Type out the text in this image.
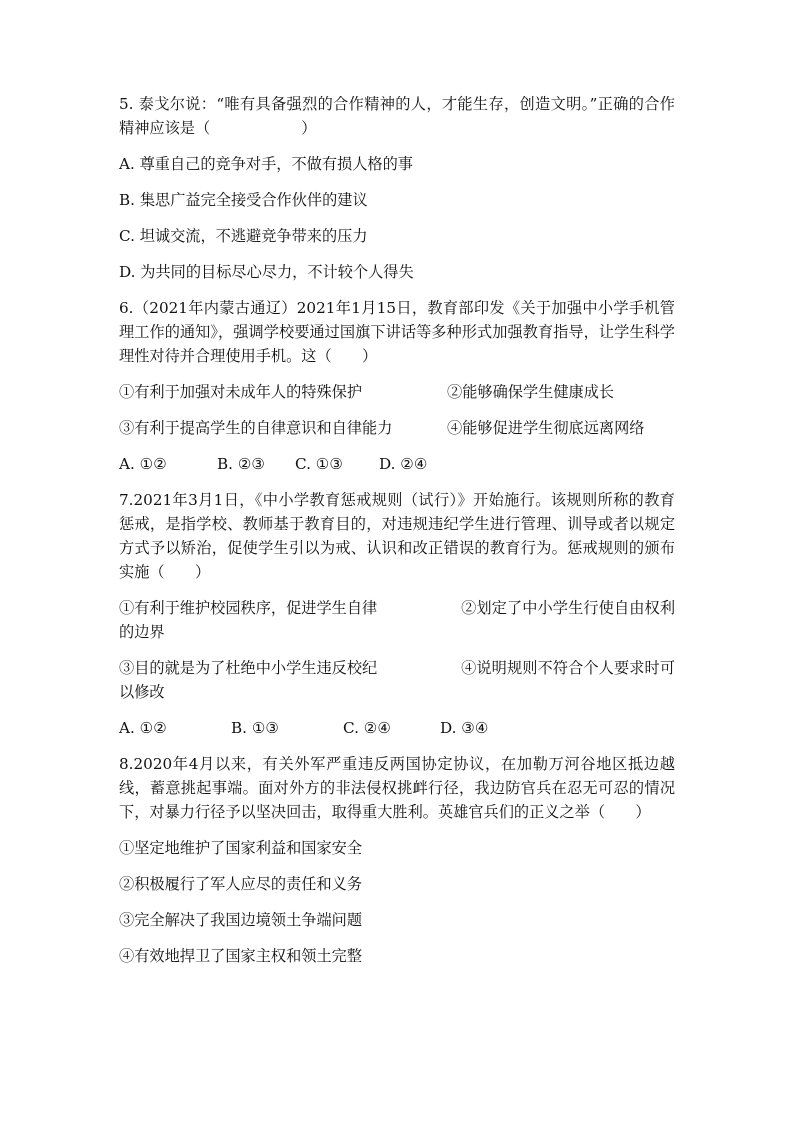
5. 泰戈尔说：“唯有具备强烈的合作精神的人，才能生存，创造文明。”正确的合作精神应该是（　　　　　　）

A. 尊重自己的竞争对手，不做有损人格的事
B. 集思广益完全接受合作伙伴的建议
C. 坦诚交流，不逃避竞争带来的压力
D. 为共同的目标尽心尽力，不计较个人得失

6.（2021年内蒙古通辽）2021年1月15日，教育部印发《关于加强中小学手机管理工作的通知》，强调学校要通过国旗下讲话等多种形式加强教育指导，让学生科学理性对待并合理使用手机。这（　　）

①有利于加强对未成年人的特殊保护	②能够确保学生健康成长
③有利于提高学生的自律意识和自律能力	④能够促进学生彻底远离网络
A. ①②	B. ②③	C. ①③	D. ②④

7.2021年3月1日，《中小学教育惩戒规则（试行）》开始施行。该规则所称的教育惩戒，是指学校、教师基于教育目的，对违规违纪学生进行管理、训导或者以规定方式予以矫治，促使学生引以为戒、认识和改正错误的教育行为。惩戒规则的颁布实施（　　）

①有利于维护校园秩序，促进学生自律	②划定了中小学生行使自由权利的边界

③目的就是为了杜绝中小学生违反校纪	④说明规则不符合个人要求时可以修改

A. ①②	B. ①③	C. ②④	D. ③④

8.2020年4月以来，有关外军严重违反两国协定协议，在加勒万河谷地区抵边越线，蓄意挑起事端。面对外方的非法侵权挑衅行径，我边防官兵在忍无可忍的情况下，对暴力行径予以坚决回击，取得重大胜利。英雄官兵们的正义之举（　　）

①坚定地维护了国家利益和国家安全
②积极履行了军人应尽的责任和义务
③完全解决了我国边境领土争端问题
④有效地捍卫了国家主权和领土完整
